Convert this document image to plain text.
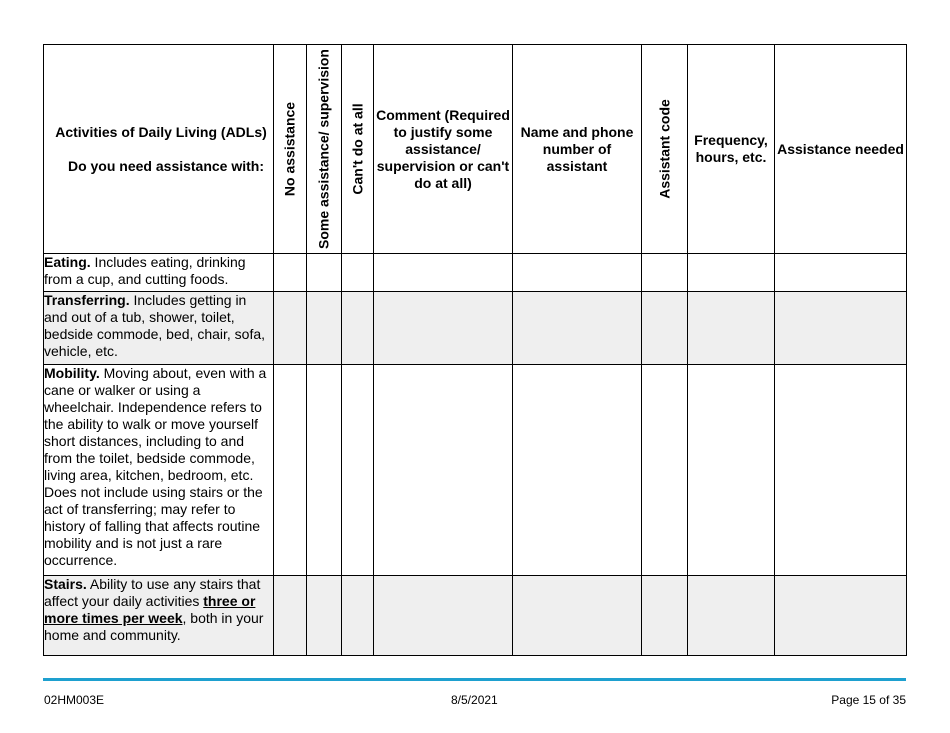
Activities of Daily Living (ADLs)
Do you need assistance with:	No assistance	Some assistance/ supervision	Can't do at all	Comment (Required to justify some assistance/ supervision or can't do at all)	Name and phone number of assistant	Assistant code	Frequency, hours, etc.	Assistance needed
Eating. Includes eating, drinking from a cup, and cutting foods.								
Transferring. Includes getting in and out of a tub, shower, toilet, bedside commode, bed, chair, sofa, vehicle, etc.								
Mobility. Moving about, even with a cane or walker or using a wheelchair. Independence refers to the ability to walk or move yourself short distances, including to and from the toilet, bedside commode, living area, kitchen, bedroom, etc. Does not include using stairs or the act of transferring; may refer to history of falling that affects routine mobility and is not just a rare occurrence.								
Stairs. Ability to use any stairs that affect your daily activities three or more times per week, both in your home and community.								
02HM003E	8/5/2021	Page 15 of 35
